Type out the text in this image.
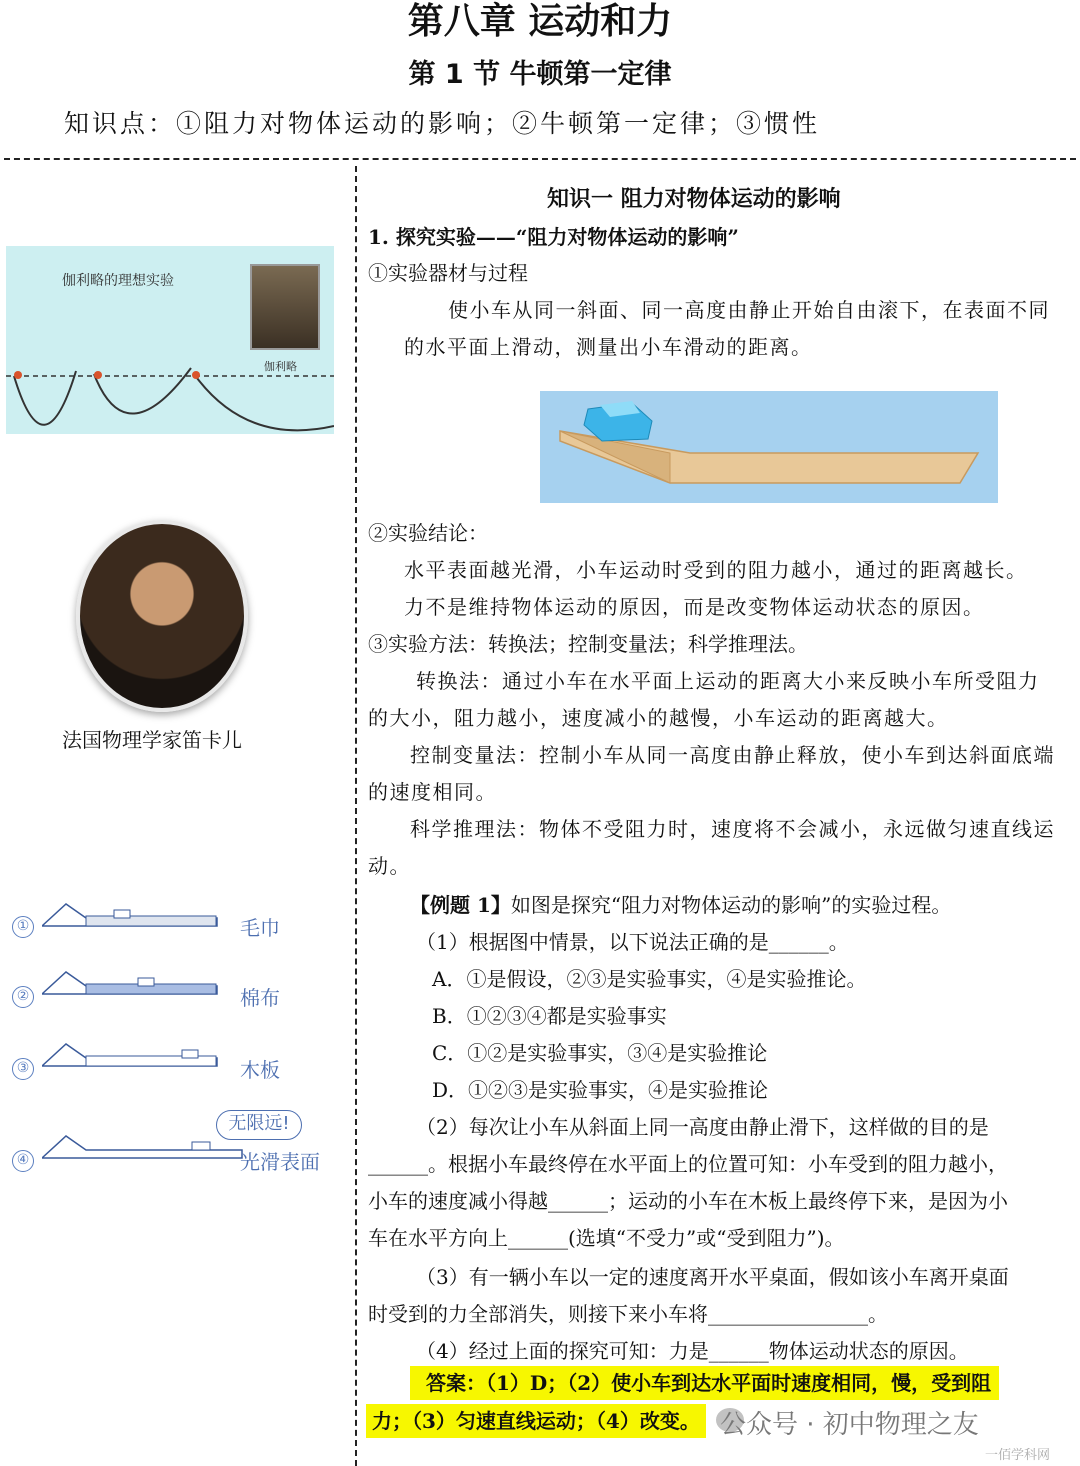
第八章 运动和力
第 1 节 牛顿第一定律
知识点：①阻力对物体运动的影响；②牛顿第一定律；③惯性
伽利略的理想实验
伽利略
法国物理学家笛卡儿
①	毛巾
②	棉布
③	木板
④
无限远!
光滑表面
知识一 阻力对物体运动的影响
1. 探究实验——“阻力对物体运动的影响”
①实验器材与过程
使小车从同一斜面、同一高度由静止开始自由滚下，在表面不同
的水平面上滑动，测量出小车滑动的距离。
②实验结论：
水平表面越光滑，小车运动时受到的阻力越小，通过的距离越长。
力不是维持物体运动的原因，而是改变物体运动状态的原因。
③实验方法：转换法；控制变量法；科学推理法。
转换法：通过小车在水平面上运动的距离大小来反映小车所受阻力
的大小，阻力越小，速度减小的越慢，小车运动的距离越大。
控制变量法：控制小车从同一高度由静止释放，使小车到达斜面底端
的速度相同。
科学推理法：物体不受阻力时，速度将不会减小，永远做匀速直线运
动。
【例题 1】如图是探究“阻力对物体运动的影响”的实验过程。
（1）根据图中情景，以下说法正确的是______。
A．①是假设，②③是实验事实，④是实验推论。
B．①②③④都是实验事实
C．①②是实验事实，③④是实验推论
D．①②③是实验事实，④是实验推论
（2）每次让小车从斜面上同一高度由静止滑下，这样做的目的是
______。根据小车最终停在水平面上的位置可知：小车受到的阻力越小，
小车的速度减小得越______；运动的小车在木板上最终停下来，是因为小
车在水平方向上______(选填“不受力”或“受到阻力”)。
（3）有一辆小车以一定的速度离开水平桌面，假如该小车离开桌面
时受到的力全部消失，则接下来小车将________________。
（4）经过上面的探究可知：力是______物体运动状态的原因。
答案：（1）D；（2）使小车到达水平面时速度相同，慢，受到阻
力；（3）匀速直线运动；（4）改变。 公众号 · 初中物理之友
一佰学科网
